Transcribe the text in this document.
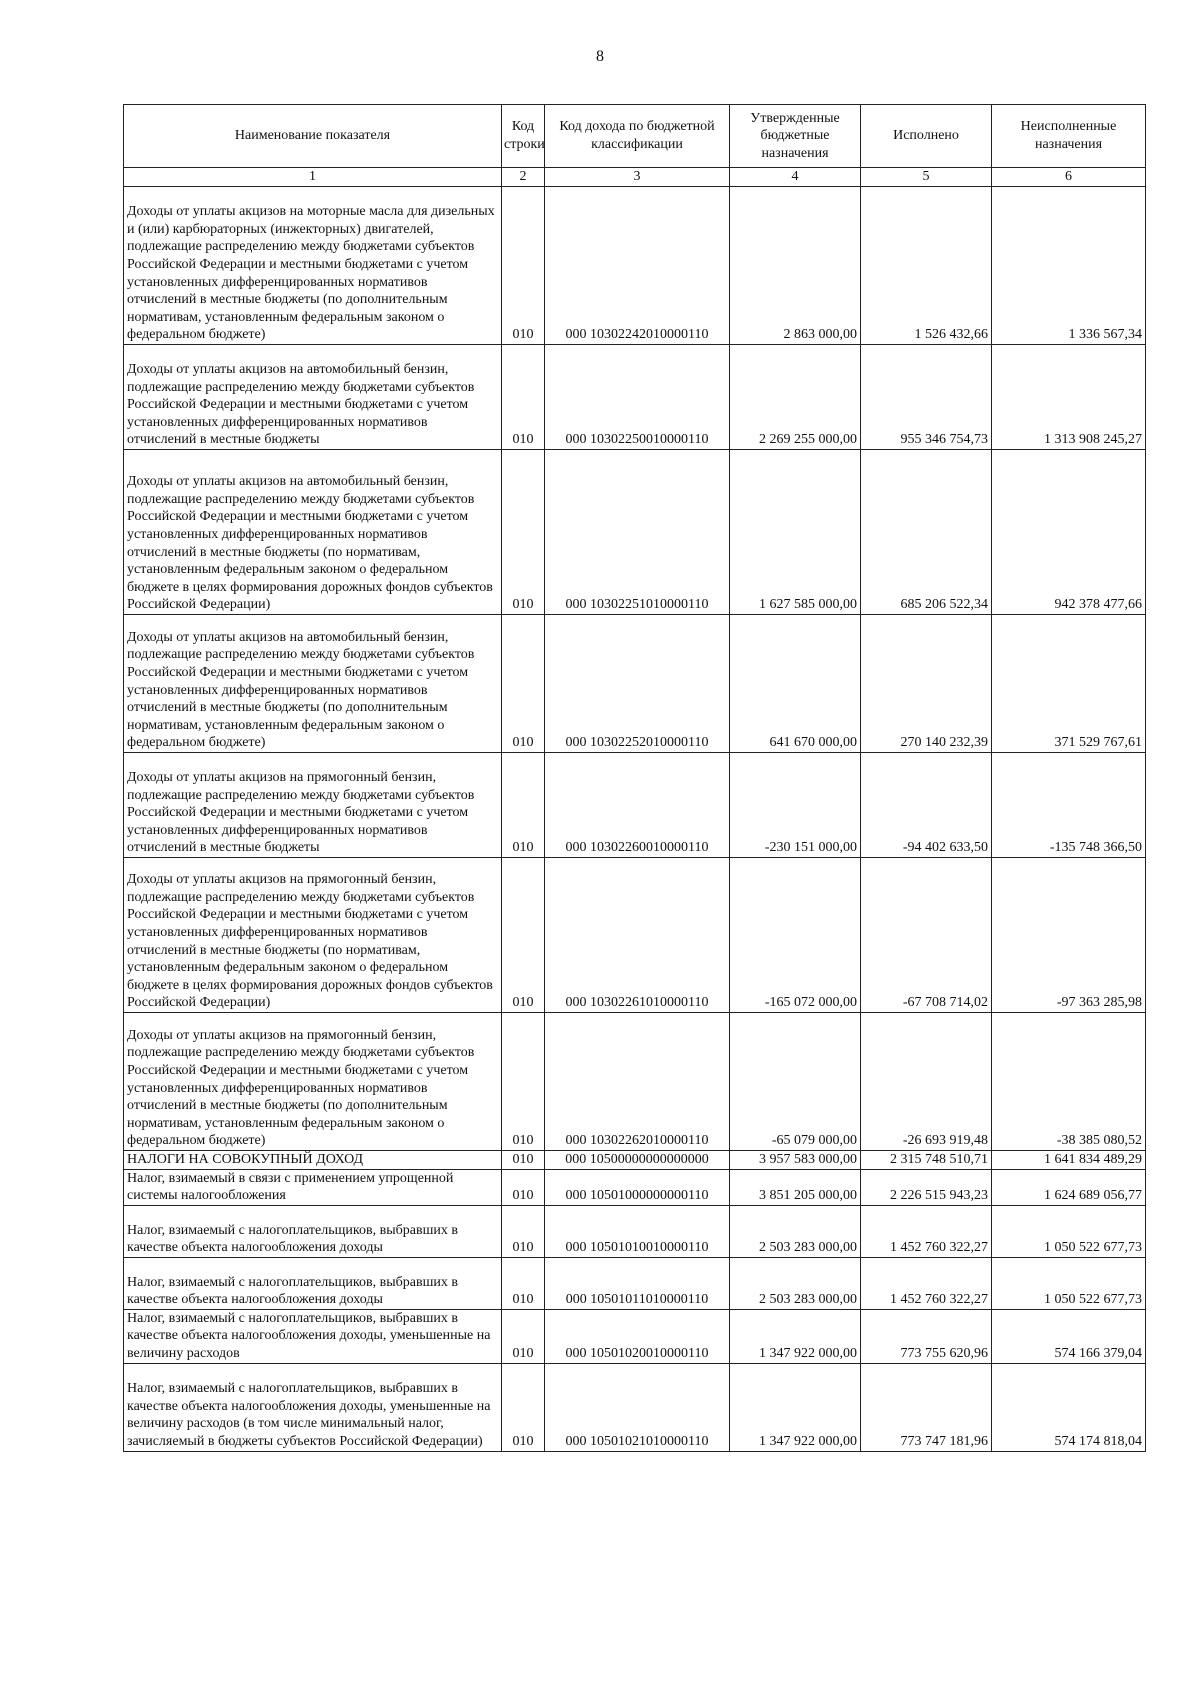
8
Наименование показателя	Код строки	Код дохода по бюджетной классификации	Утвержденные бюджетные назначения	Исполнено	Неисполненные назначения
1	2	3	4	5	6
Доходы от уплаты акцизов на моторные масла для дизельных и (или) карбюраторных (инжекторных) двигателей, подлежащие распределению между бюджетами субъектов Российской Федерации и местными бюджетами с учетом установленных дифференцированных нормативов отчислений в местные бюджеты (по дополнительным нормативам, установленным федеральным законом о федеральном бюджете)	010	000 10302242010000110	2 863 000,00	1 526 432,66	1 336 567,34
Доходы от уплаты акцизов на автомобильный бензин, подлежащие распределению между бюджетами субъектов Российской Федерации и местными бюджетами с учетом установленных дифференцированных нормативов отчислений в местные бюджеты	010	000 10302250010000110	2 269 255 000,00	955 346 754,73	1 313 908 245,27
Доходы от уплаты акцизов на автомобильный бензин, подлежащие распределению между бюджетами субъектов Российской Федерации и местными бюджетами с учетом установленных дифференцированных нормативов отчислений в местные бюджеты (по нормативам, установленным федеральным законом о федеральном бюджете в целях формирования дорожных фондов субъектов Российской Федерации)	010	000 10302251010000110	1 627 585 000,00	685 206 522,34	942 378 477,66
Доходы от уплаты акцизов на автомобильный бензин, подлежащие распределению между бюджетами субъектов Российской Федерации и местными бюджетами с учетом установленных дифференцированных нормативов отчислений в местные бюджеты (по дополнительным нормативам, установленным федеральным законом о федеральном бюджете)	010	000 10302252010000110	641 670 000,00	270 140 232,39	371 529 767,61
Доходы от уплаты акцизов на прямогонный бензин, подлежащие распределению между бюджетами субъектов Российской Федерации и местными бюджетами с учетом установленных дифференцированных нормативов отчислений в местные бюджеты	010	000 10302260010000110	-230 151 000,00	-94 402 633,50	-135 748 366,50
Доходы от уплаты акцизов на прямогонный бензин, подлежащие распределению между бюджетами субъектов Российской Федерации и местными бюджетами с учетом установленных дифференцированных нормативов отчислений в местные бюджеты (по нормативам, установленным федеральным законом о федеральном бюджете в целях формирования дорожных фондов субъектов Российской Федерации)	010	000 10302261010000110	-165 072 000,00	-67 708 714,02	-97 363 285,98
Доходы от уплаты акцизов на прямогонный бензин, подлежащие распределению между бюджетами субъектов Российской Федерации и местными бюджетами с учетом установленных дифференцированных нормативов отчислений в местные бюджеты (по дополнительным нормативам, установленным федеральным законом о федеральном бюджете)	010	000 10302262010000110	-65 079 000,00	-26 693 919,48	-38 385 080,52
НАЛОГИ НА СОВОКУПНЫЙ ДОХОД	010	000 10500000000000000	3 957 583 000,00	2 315 748 510,71	1 641 834 489,29
Налог, взимаемый в связи с применением упрощенной системы налогообложения	010	000 10501000000000110	3 851 205 000,00	2 226 515 943,23	1 624 689 056,77
Налог, взимаемый с налогоплательщиков, выбравших в качестве объекта налогообложения доходы	010	000 10501010010000110	2 503 283 000,00	1 452 760 322,27	1 050 522 677,73
Налог, взимаемый с налогоплательщиков, выбравших в качестве объекта налогообложения доходы	010	000 10501011010000110	2 503 283 000,00	1 452 760 322,27	1 050 522 677,73
Налог, взимаемый с налогоплательщиков, выбравших в качестве объекта налогообложения доходы, уменьшенные на величину расходов	010	000 10501020010000110	1 347 922 000,00	773 755 620,96	574 166 379,04
Налог, взимаемый с налогоплательщиков, выбравших в качестве объекта налогообложения доходы, уменьшенные на величину расходов (в том числе минимальный налог, зачисляемый в бюджеты субъектов Российской Федерации)	010	000 10501021010000110	1 347 922 000,00	773 747 181,96	574 174 818,04
